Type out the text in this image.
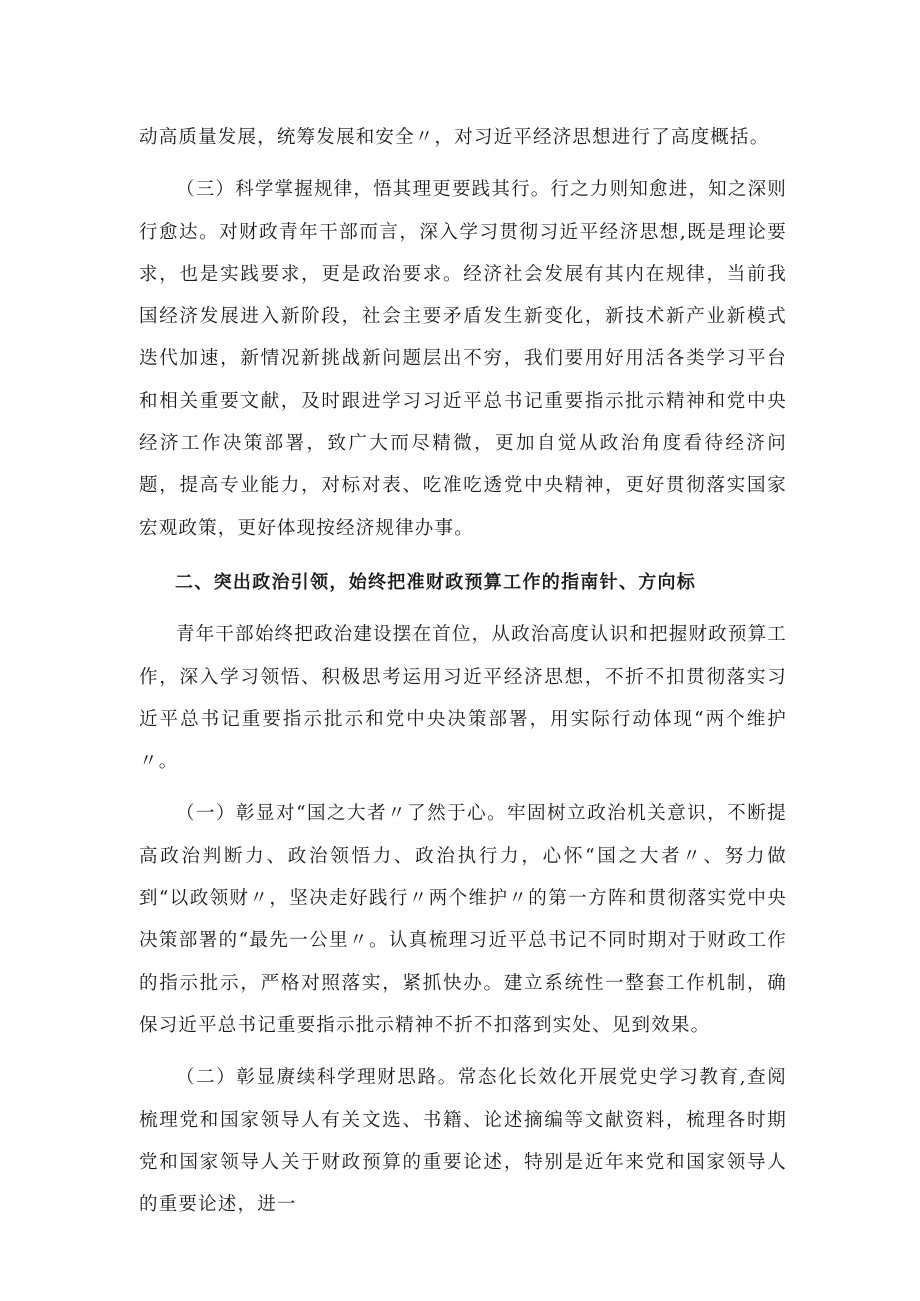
动高质量发展，统筹发展和安全〃，对习近平经济思想进行了高度概括。

（三）科学掌握规律，悟其理更要践其行。行之力则知愈进，知之深则行愈达。对财政青年干部而言，深入学习贯彻习近平经济思想,既是理论要求，也是实践要求，更是政治要求。经济社会发展有其内在规律，当前我国经济发展进入新阶段，社会主要矛盾发生新变化，新技术新产业新模式迭代加速，新情况新挑战新问题层出不穷，我们要用好用活各类学习平台和相关重要文献，及时跟进学习习近平总书记重要指示批示精神和党中央经济工作决策部署，致广大而尽精微，更加自觉从政治角度看待经济问题，提高专业能力，对标对表、吃准吃透党中央精神，更好贯彻落实国家宏观政策，更好体现按经济规律办事。

二、突出政治引领，始终把准财政预算工作的指南针、方向标

青年干部始终把政治建设摆在首位，从政治高度认识和把握财政预算工作，深入学习领悟、积极思考运用习近平经济思想，不折不扣贯彻落实习近平总书记重要指示批示和党中央决策部署，用实际行动体现“两个维护〃。

（一）彰显对“国之大者〃了然于心。牢固树立政治机关意识，不断提高政治判断力、政治领悟力、政治执行力，心怀“国之大者〃、努力做到“以政领财〃，坚决走好践行〃两个维护〃的第一方阵和贯彻落实党中央决策部署的“最先一公里〃。认真梳理习近平总书记不同时期对于财政工作的指示批示，严格对照落实，紧抓快办。建立系统性一整套工作机制，确保习近平总书记重要指示批示精神不折不扣落到实处、见到效果。

（二）彰显赓续科学理财思路。常态化长效化开展党史学习教育,查阅梳理党和国家领导人有关文选、书籍、论述摘编等文献资料，梳理各时期党和国家领导人关于财政预算的重要论述，特别是近年来党和国家领导人的重要论述，进一
